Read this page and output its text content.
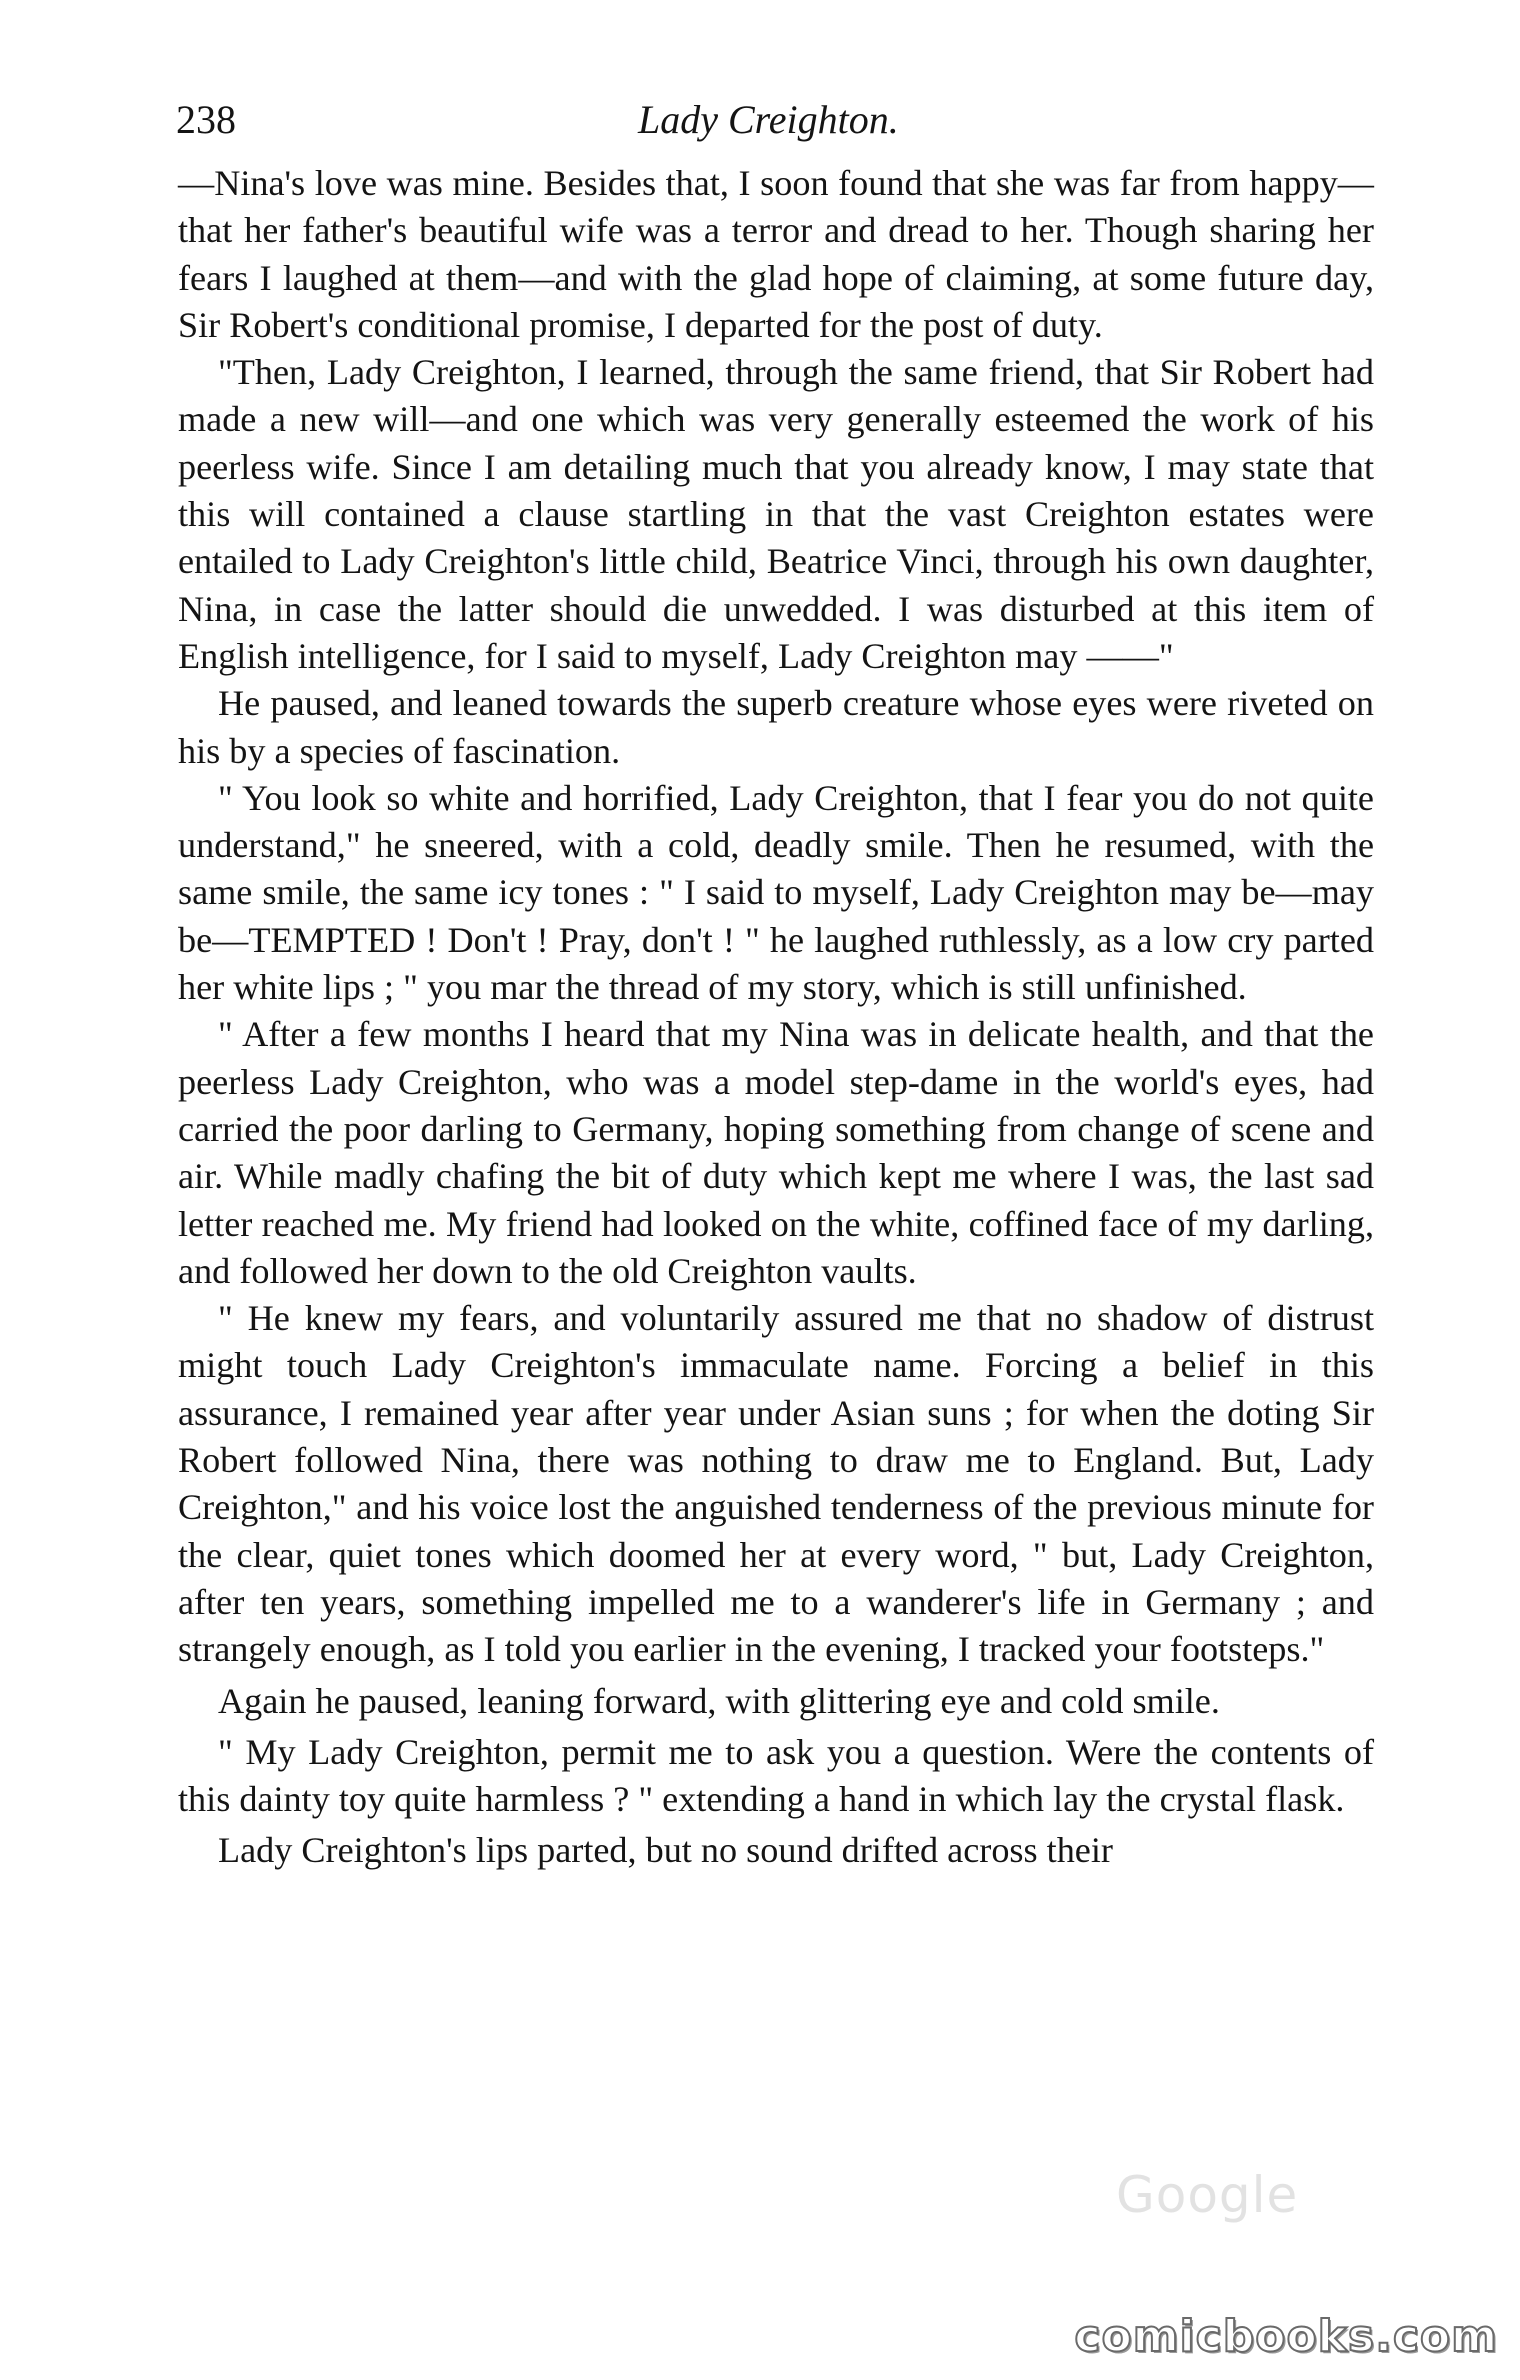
238	Lady Creighton.

—Nina's love was mine. Besides that, I soon found that she was far from happy—that her father's beautiful wife was a terror and dread to her. Though sharing her fears I laughed at them—and with the glad hope of claiming, at some future day, Sir Robert's conditional promise, I departed for the post of duty.

"Then, Lady Creighton, I learned, through the same friend, that Sir Robert had made a new will—and one which was very generally esteemed the work of his peerless wife. Since I am detailing much that you already know, I may state that this will contained a clause startling in that the vast Creighton estates were entailed to Lady Creighton's little child, Beatrice Vinci, through his own daughter, Nina, in case the latter should die unwedded. I was disturbed at this item of English intelligence, for I said to myself, Lady Creighton may ——"

He paused, and leaned towards the superb creature whose eyes were riveted on his by a species of fascination.

" You look so white and horrified, Lady Creighton, that I fear you do not quite understand," he sneered, with a cold, deadly smile. Then he resumed, with the same smile, the same icy tones : " I said to myself, Lady Creighton may be—may be—TEMPTED ! Don't ! Pray, don't ! " he laughed ruthlessly, as a low cry parted her white lips ; " you mar the thread of my story, which is still unfinished.

" After a few months I heard that my Nina was in delicate health, and that the peerless Lady Creighton, who was a model step-dame in the world's eyes, had carried the poor darling to Germany, hoping something from change of scene and air. While madly chafing the bit of duty which kept me where I was, the last sad letter reached me. My friend had looked on the white, coffined face of my darling, and followed her down to the old Creighton vaults.

" He knew my fears, and voluntarily assured me that no shadow of distrust might touch Lady Creighton's immaculate name. Forcing a belief in this assurance, I remained year after year under Asian suns ; for when the doting Sir Robert followed Nina, there was nothing to draw me to England. But, Lady Creighton," and his voice lost the anguished tenderness of the previous minute for the clear, quiet tones which doomed her at every word, " but, Lady Creighton, after ten years, something impelled me to a wanderer's life in Germany ; and strangely enough, as I told you earlier in the evening, I tracked your footsteps."

Again he paused, leaning forward, with glittering eye and cold smile.

" My Lady Creighton, permit me to ask you a question. Were the contents of this dainty toy quite harmless ? " extending a hand in which lay the crystal flask.

Lady Creighton's lips parted, but no sound drifted across their

Google
comicbooks.com
